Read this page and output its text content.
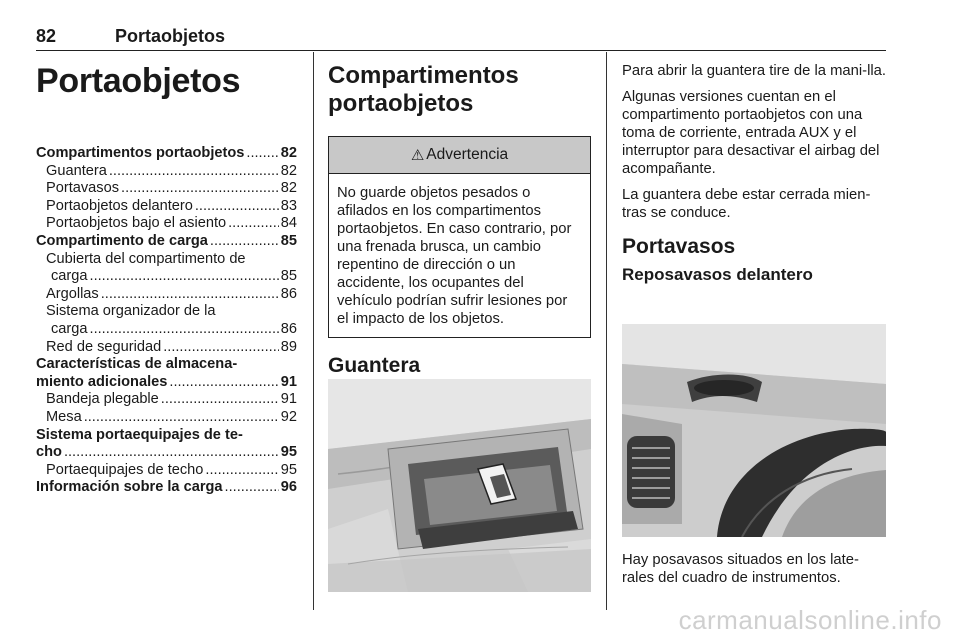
82	Portaobjetos
Portaobjetos
Compartimentos portaobjetos ..... 82
Guantera .....	82
Portavasos .....	82
Portaobjetos delantero .....	83
Portaobjetos bajo el asiento .....	84
Compartimento de carga .....	85
Cubierta del compartimento de
carga .....	85
Argollas .....	86
Sistema organizador de la
carga .....	86
Red de seguridad .....	89
Características de almacena-
miento adicionales .....	91
Bandeja plegable .....	91
Mesa .....	92
Sistema portaequipajes de te-
cho .....	95
Portaequipajes de techo .....	95
Información sobre la carga .....	96
Compartimentos
portaobjetos
⚠ Advertencia
No guarde objetos pesados o afilados en los compartimentos portaobjetos. En caso contrario, por una frenada brusca, un cambio repentino de dirección o un accidente, los ocupantes del vehículo podrían sufrir lesiones por el impacto de los objetos.
Guantera

Para abrir la guantera tire de la mani-lla.

Algunas versiones cuentan en el compartimento portaobjetos con una toma de corriente, entrada AUX y el interruptor para desactivar el airbag del acompañante.

La guantera debe estar cerrada mien-tras se conduce.

Portavasos
Reposavasos delantero
Hay posavasos situados en los late-rales del cuadro de instrumentos.
carmanualsonline.info
